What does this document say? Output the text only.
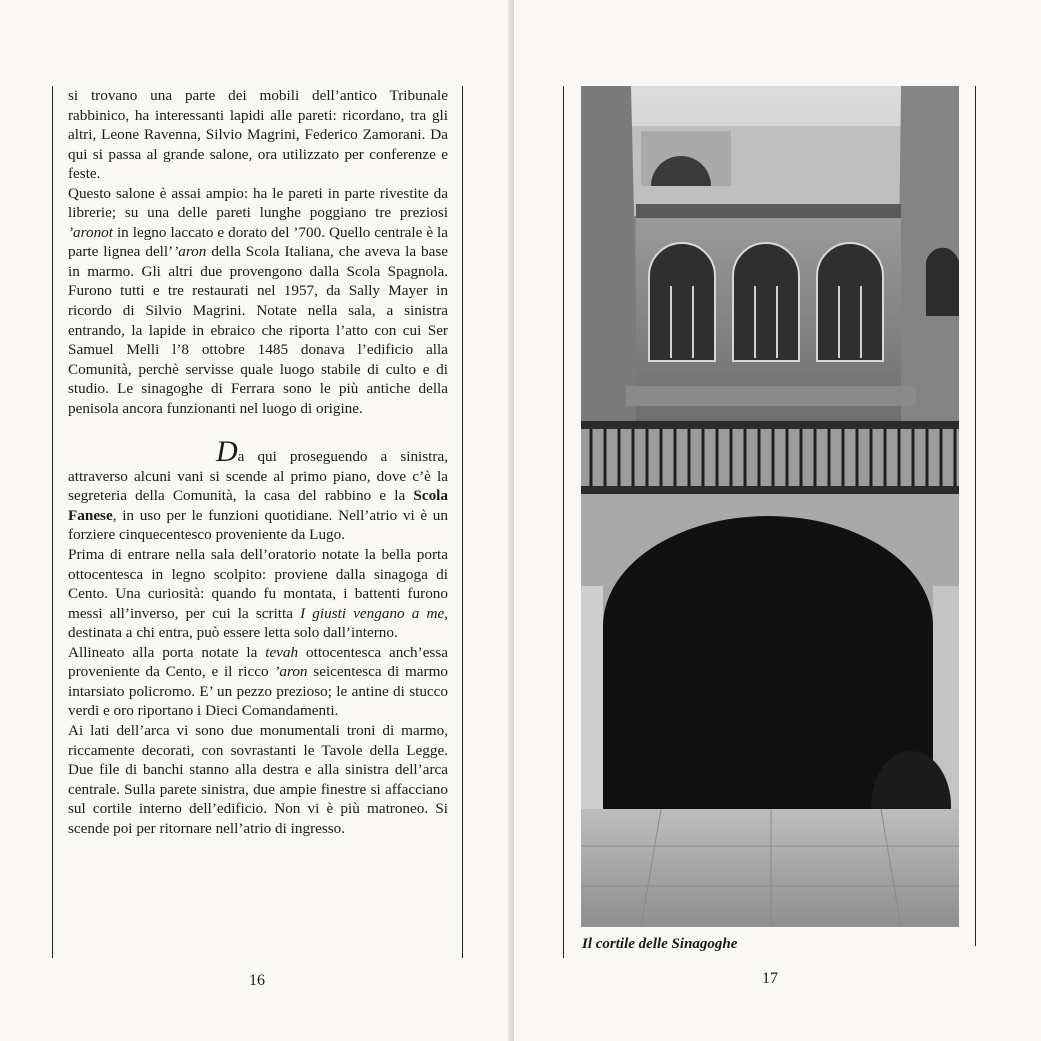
si trovano una parte dei mobili dell’antico Tribunale rabbinico, ha interessanti lapidi alle pareti: ricordano, tra gli altri, Leone Ravenna, Silvio Magrini, Federico Zamorani. Da qui si passa al grande salone, ora utilizzato per conferenze e feste.

Questo salone è assai ampio: ha le pareti in parte rivestite da librerie; su una delle pareti lunghe poggiano tre preziosi ’aronot in legno laccato e dorato del ’700. Quello centrale è la parte lignea dell’’aron della Scola Italiana, che aveva la base in marmo. Gli altri due provengono dalla Scola Spagnola. Furono tutti e tre restaurati nel 1957, da Sally Mayer in ricordo di Silvio Magrini. Notate nella sala, a sinistra entrando, la lapide in ebraico che riporta l’atto con cui Ser Samuel Melli l’8 ottobre 1485 donava l’edificio alla Comunità, perchè servisse quale luogo stabile di culto e di studio. Le sinagoghe di Ferrara sono le più antiche della penisola ancora funzionanti nel luogo di origine.

Da qui proseguendo a sinistra, attraverso alcuni vani si scende al primo piano, dove c’è la segreteria della Comunità, la casa del rabbino e la Scola Fanese, in uso per le funzioni quotidiane. Nell’atrio vi è un forziere cinquecentesco proveniente da Lugo.

Prima di entrare nella sala dell’oratorio notate la bella porta ottocentesca in legno scolpito: proviene dalla sinagoga di Cento. Una curiosità: quando fu montata, i battenti furono messi all’inverso, per cui la scritta I giusti vengano a me, destinata a chi entra, può essere letta solo dall’interno.

Allineato alla porta notate la tevah ottocentesca anch’essa proveniente da Cento, e il ricco ’aron seicentesca di marmo intarsiato policromo. E’ un pezzo prezioso; le antine di stucco verdi e oro riportano i Dieci Comandamenti.

Ai lati dell’arca vi sono due monumentali troni di marmo, riccamente decorati, con sovrastanti le Tavole della Legge. Due file di banchi stanno alla destra e alla sinistra dell’arca centrale. Sulla parete sinistra, due ampie finestre si affacciano sul cortile interno dell’edificio. Non vi è più matroneo. Si scende poi per ritornare nell’atrio di ingresso.

16
Il cortile delle Sinagoghe
17
